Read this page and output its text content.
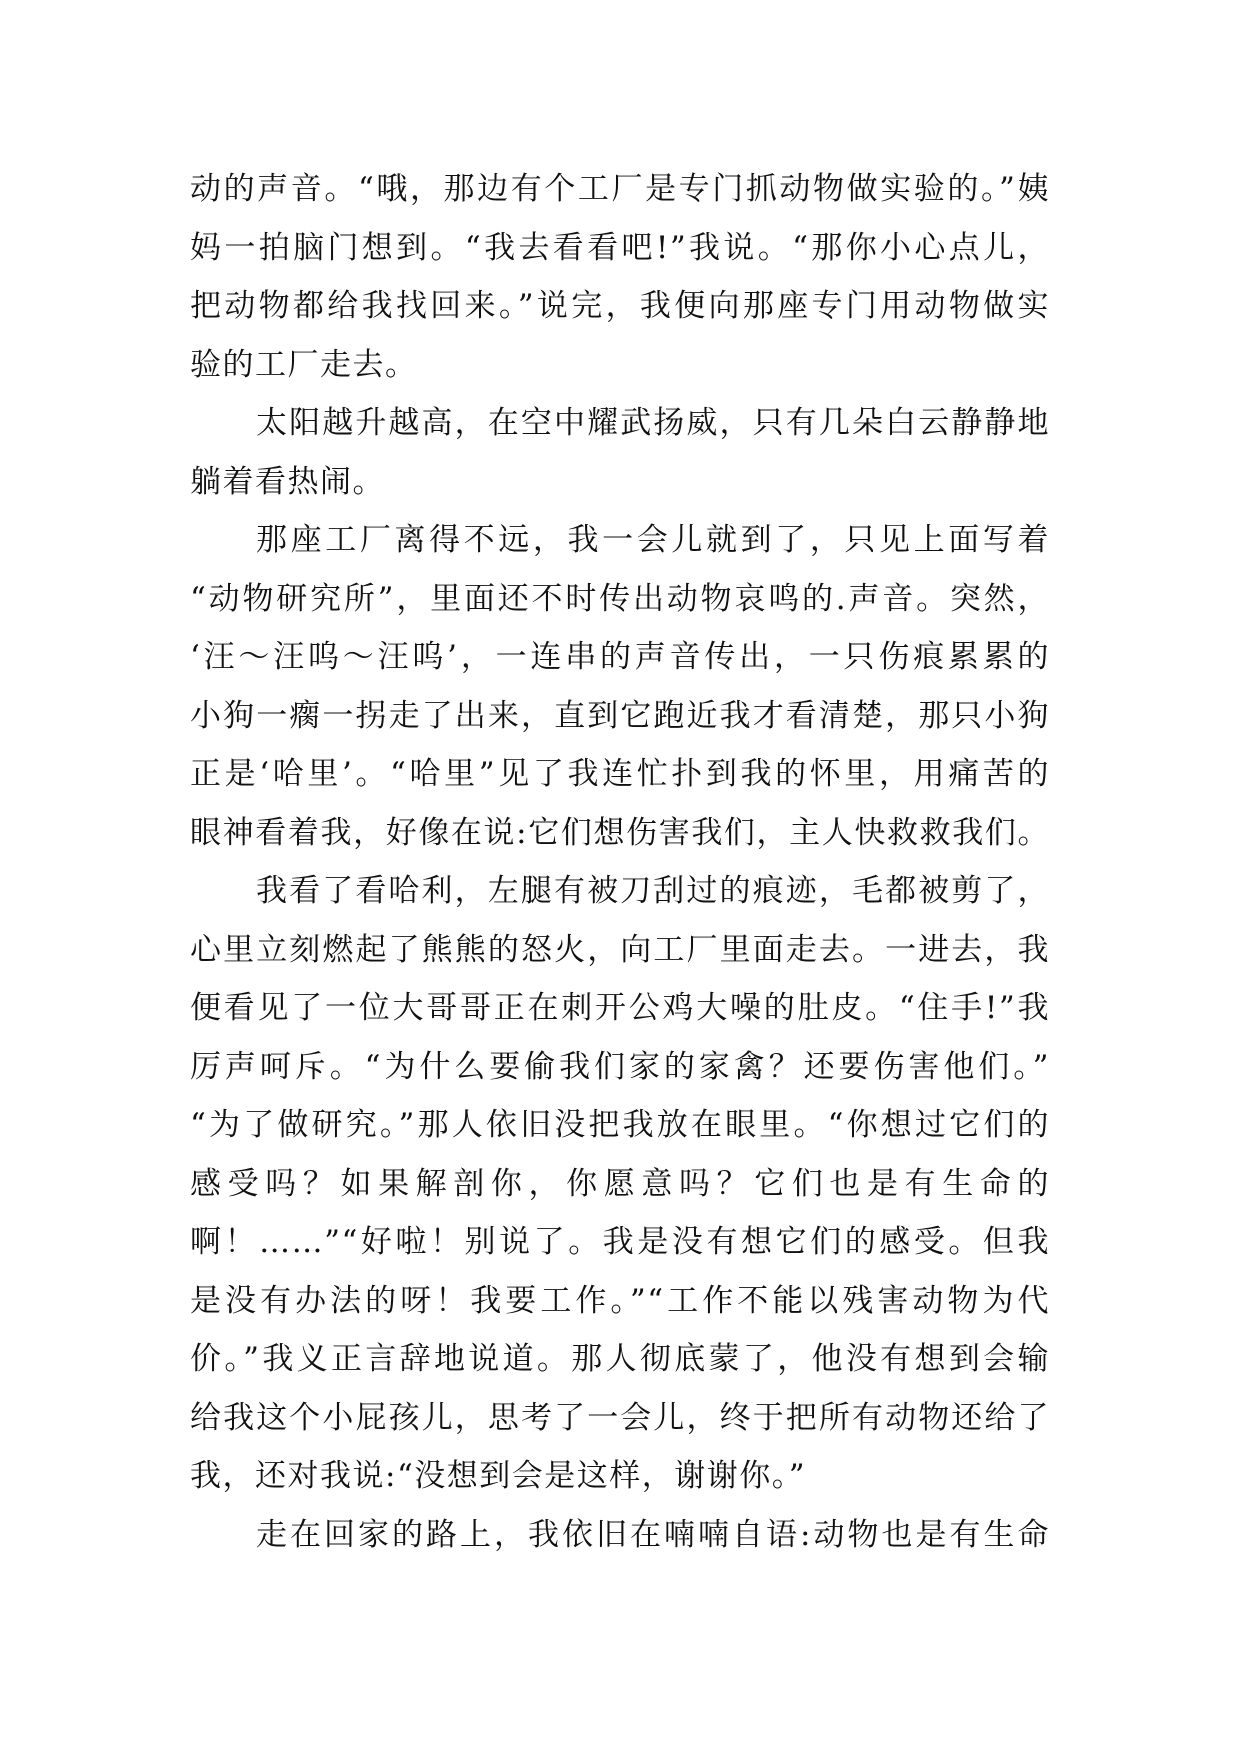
动的声音。“哦，那边有个工厂是专门抓动物做实验的。”姨
妈一拍脑门想到。“我去看看吧!”我说。“那你小心点儿，
把动物都给我找回来。”说完，我便向那座专门用动物做实
验的工厂走去。
太阳越升越高，在空中耀武扬威，只有几朵白云静静地
躺着看热闹。
那座工厂离得不远，我一会儿就到了，只见上面写着
“动物研究所”，里面还不时传出动物哀鸣的.声音。突然，
‘汪～汪呜～汪呜’，一连串的声音传出，一只伤痕累累的
小狗一瘸一拐走了出来，直到它跑近我才看清楚，那只小狗
正是‘哈里’。“哈里”见了我连忙扑到我的怀里，用痛苦的
眼神看着我，好像在说:它们想伤害我们，主人快救救我们。
我看了看哈利，左腿有被刀刮过的痕迹，毛都被剪了，
心里立刻燃起了熊熊的怒火，向工厂里面走去。一进去，我
便看见了一位大哥哥正在刺开公鸡大噪的肚皮。“住手!”我
厉声呵斥。“为什么要偷我们家的家禽？还要伤害他们。”
“为了做研究。”那人依旧没把我放在眼里。“你想过它们的
感受吗？如果解剖你，你愿意吗？它们也是有生命的
啊！……”“好啦！别说了。我是没有想它们的感受。但我
是没有办法的呀！我要工作。”“工作不能以残害动物为代
价。”我义正言辞地说道。那人彻底蒙了，他没有想到会输
给我这个小屁孩儿，思考了一会儿，终于把所有动物还给了
我，还对我说:“没想到会是这样，谢谢你。”
走在回家的路上，我依旧在喃喃自语:动物也是有生命
